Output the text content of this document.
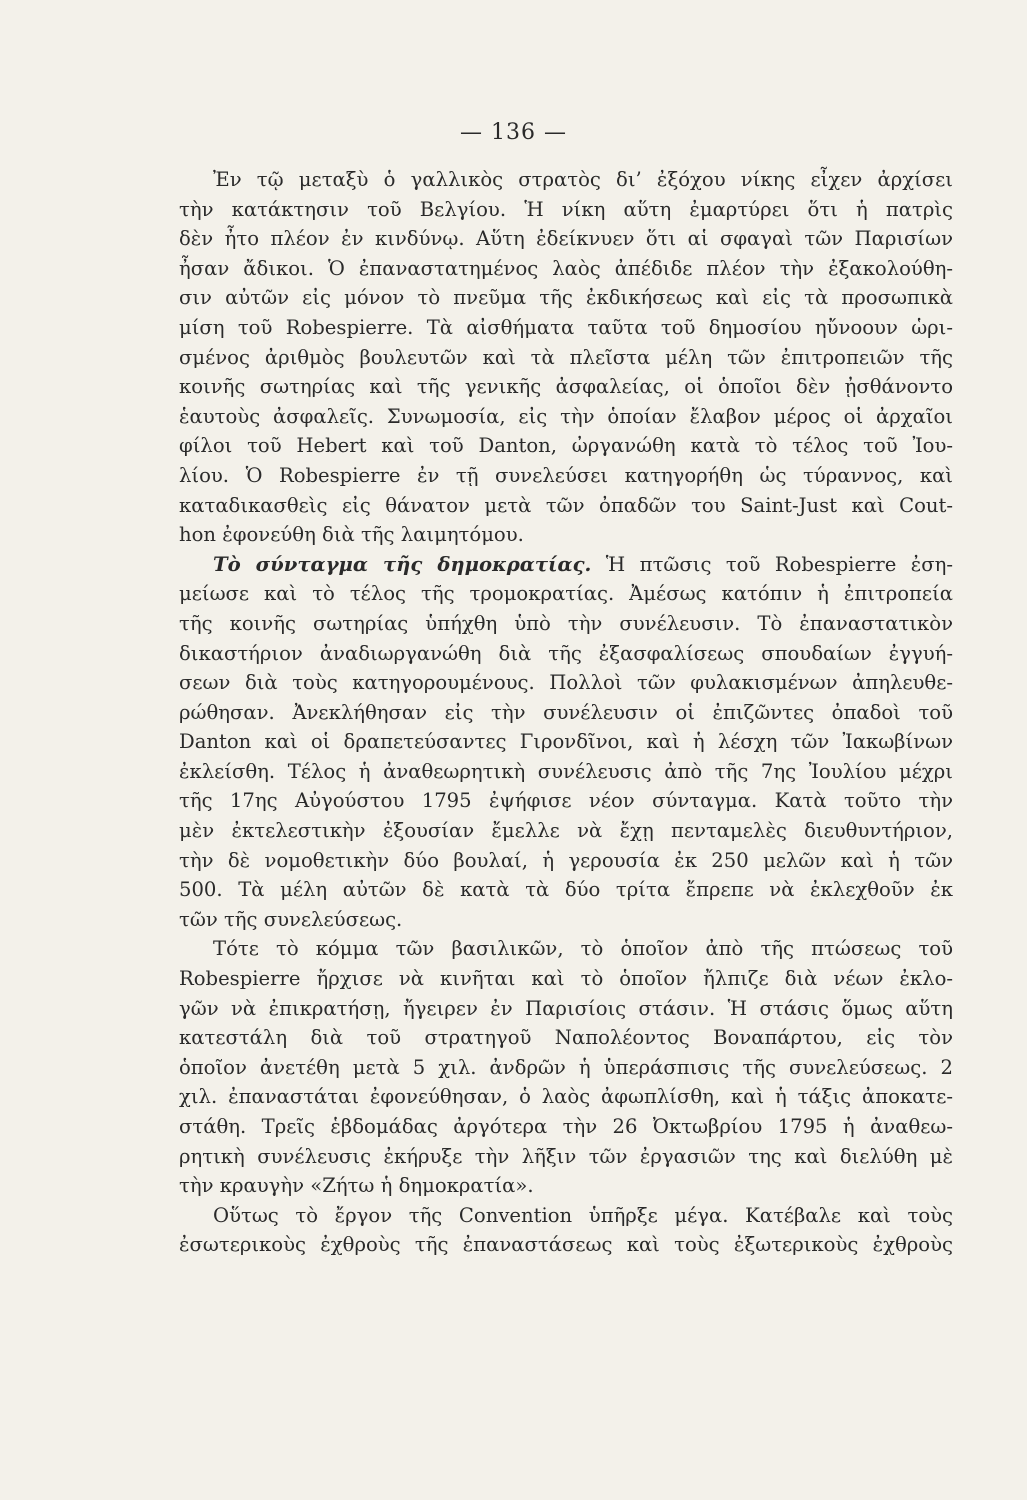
— 136 —

Ἐν τῷ μεταξὺ ὁ γαλλικὸς στρατὸς δι’ ἐξόχου νίκης εἶχεν ἀρχίσει
τὴν κατάκτησιν τοῦ Βελγίου. Ἡ νίκη αὕτη ἐμαρτύρει ὅτι ἡ πατρὶς
δὲν ἦτο πλέον ἐν κινδύνῳ. Αὕτη ἐδείκνυεν ὅτι αἱ σφαγαὶ τῶν Παρισίων
ἦσαν ἄδικοι. Ὁ ἐπαναστατημένος λαὸς ἀπέδιδε πλέον τὴν ἐξακολούθη-
σιν αὐτῶν εἰς μόνον τὸ πνεῦμα τῆς ἐκδικήσεως καὶ εἰς τὰ προσωπικὰ
μίση τοῦ Robespierre. Τὰ αἰσθήματα ταῦτα τοῦ δημοσίου ηὔνοουν ὡρι-
σμένος ἀριθμὸς βουλευτῶν καὶ τὰ πλεῖστα μέλη τῶν ἐπιτροπειῶν τῆς
κοινῆς σωτηρίας καὶ τῆς γενικῆς ἀσφαλείας, οἱ ὁποῖοι δὲν ᾐσθάνοντο
ἑαυτοὺς ἀσφαλεῖς. Συνωμοσία, εἰς τὴν ὁποίαν ἔλαβον μέρος οἱ ἀρχαῖοι
φίλοι τοῦ Hebert καὶ τοῦ Danton, ὠργανώθη κατὰ τὸ τέλος τοῦ Ἰου-
λίου. Ὁ Robespierre ἐν τῇ συνελεύσει κατηγορήθη ὡς τύραννος, καὶ
καταδικασθεὶς εἰς θάνατον μετὰ τῶν ὀπαδῶν του Saint-Just καὶ Cout-
hon ἐφονεύθη διὰ τῆς λαιμητόμου.

Τὸ σύνταγμα τῆς δημοκρατίας. Ἡ πτῶσις τοῦ Robespierre ἐση-
μείωσε καὶ τὸ τέλος τῆς τρομοκρατίας. Ἀμέσως κατόπιν ἡ ἐπιτροπεία
τῆς κοινῆς σωτηρίας ὑπήχθη ὑπὸ τὴν συνέλευσιν. Τὸ ἐπαναστατικὸν
δικαστήριον ἀναδιωργανώθη διὰ τῆς ἐξασφαλίσεως σπουδαίων ἐγγυή-
σεων διὰ τοὺς κατηγορουμένους. Πολλοὶ τῶν φυλακισμένων ἀπηλευθε-
ρώθησαν. Ἀνεκλήθησαν εἰς τὴν συνέλευσιν οἱ ἐπιζῶντες ὀπαδοὶ τοῦ
Danton καὶ οἱ δραπετεύσαντες Γιρονδῖνοι, καὶ ἡ λέσχη τῶν Ἰακωβίνων
ἐκλείσθη. Τέλος ἡ ἀναθεωρητικὴ συνέλευσις ἀπὸ τῆς 7ης Ἰουλίου μέχρι
τῆς 17ης Αὐγούστου 1795 ἐψήφισε νέον σύνταγμα. Κατὰ τοῦτο τὴν
μὲν ἐκτελεστικὴν ἐξουσίαν ἔμελλε νὰ ἔχῃ πενταμελὲς διευθυντήριον,
τὴν δὲ νομοθετικὴν δύο βουλαί, ἡ γερουσία ἐκ 250 μελῶν καὶ ἡ τῶν
500. Τὰ μέλη αὐτῶν δὲ κατὰ τὰ δύο τρίτα ἔπρεπε νὰ ἐκλεχθοῦν ἐκ
τῶν τῆς συνελεύσεως.

Τότε τὸ κόμμα τῶν βασιλικῶν, τὸ ὁποῖον ἀπὸ τῆς πτώσεως τοῦ
Robespierre ἤρχισε νὰ κινῆται καὶ τὸ ὁποῖον ἤλπιζε διὰ νέων ἐκλο-
γῶν νὰ ἐπικρατήσῃ, ἤγειρεν ἐν Παρισίοις στάσιν. Ἡ στάσις ὅμως αὕτη
κατεστάλη διὰ τοῦ στρατηγοῦ Ναπολέοντος Βοναπάρτου, εἰς τὸν
ὁποῖον ἀνετέθη μετὰ 5 χιλ. ἀνδρῶν ἡ ὑπεράσπισις τῆς συνελεύσεως. 2
χιλ. ἐπαναστάται ἐφονεύθησαν, ὁ λαὸς ἀφωπλίσθη, καὶ ἡ τάξις ἀποκατε-
στάθη. Τρεῖς ἑβδομάδας ἀργότερα τὴν 26 Ὀκτωβρίου 1795 ἡ ἀναθεω-
ρητικὴ συνέλευσις ἐκήρυξε τὴν λῆξιν τῶν ἐργασιῶν της καὶ διελύθη μὲ
τὴν κραυγὴν «Ζήτω ἡ δημοκρατία».

Οὕτως τὸ ἔργον τῆς Convention ὑπῆρξε μέγα. Κατέβαλε καὶ τοὺς
ἐσωτερικοὺς ἐχθροὺς τῆς ἐπαναστάσεως καὶ τοὺς ἐξωτερικοὺς ἐχθροὺς
